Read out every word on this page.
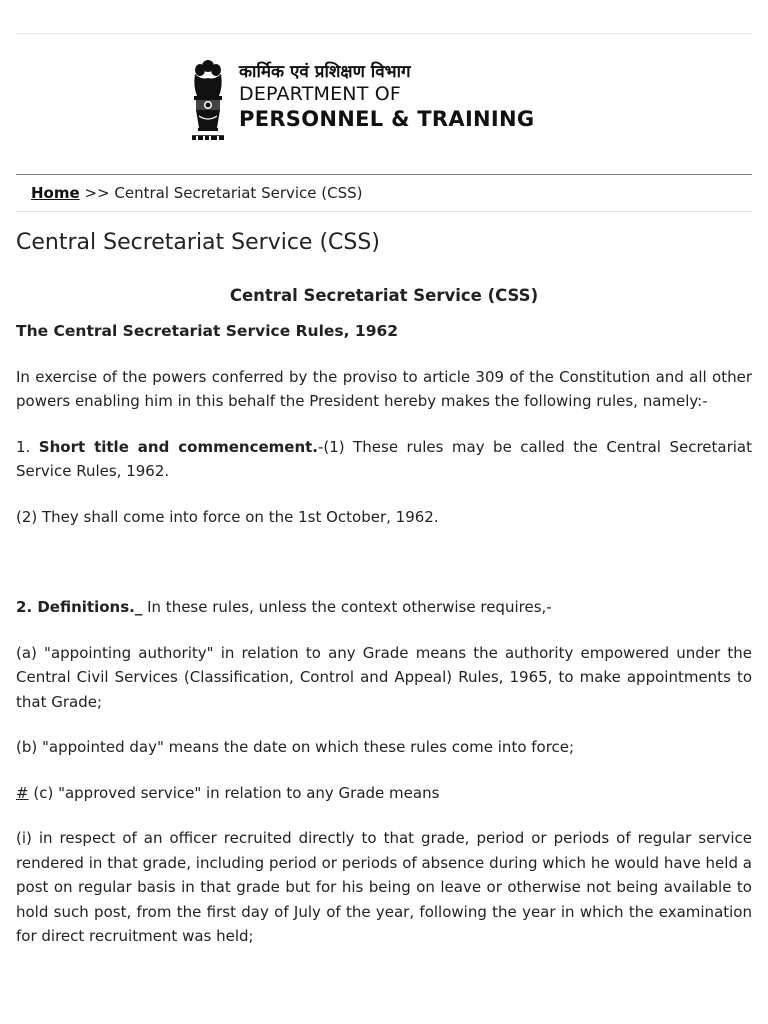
कार्मिक एवं प्रशिक्षण विभाग
DEPARTMENT OF
PERSONNEL & TRAINING
Home >> Central Secretariat Service (CSS)
Central Secretariat Service (CSS)

Central Secretariat Service (CSS)

The Central Secretariat Service Rules, 1962

In exercise of the powers conferred by the proviso to article 309 of the Constitution and all other powers enabling him in this behalf the President hereby makes the following rules, namely:-

1. Short title and commencement.-(1) These rules may be called the Central Secretariat Service Rules, 1962.

(2) They shall come into force on the 1st October, 1962.

2. Definitions._ In these rules, unless the context otherwise requires,-

(a) "appointing authority" in relation to any Grade means the authority empowered under the Central Civil Services (Classification, Control and Appeal) Rules, 1965, to make appointments to that Grade;

(b) "appointed day" means the date on which these rules come into force;

# (c) "approved service" in relation to any Grade means

(i) in respect of an officer recruited directly to that grade, period or periods of regular service rendered in that grade, including period or periods of absence during which he would have held a post on regular basis in that grade but for his being on leave or otherwise not being available to hold such post, from the first day of July of the year, following the year in which the examination for direct recruitment was held;
